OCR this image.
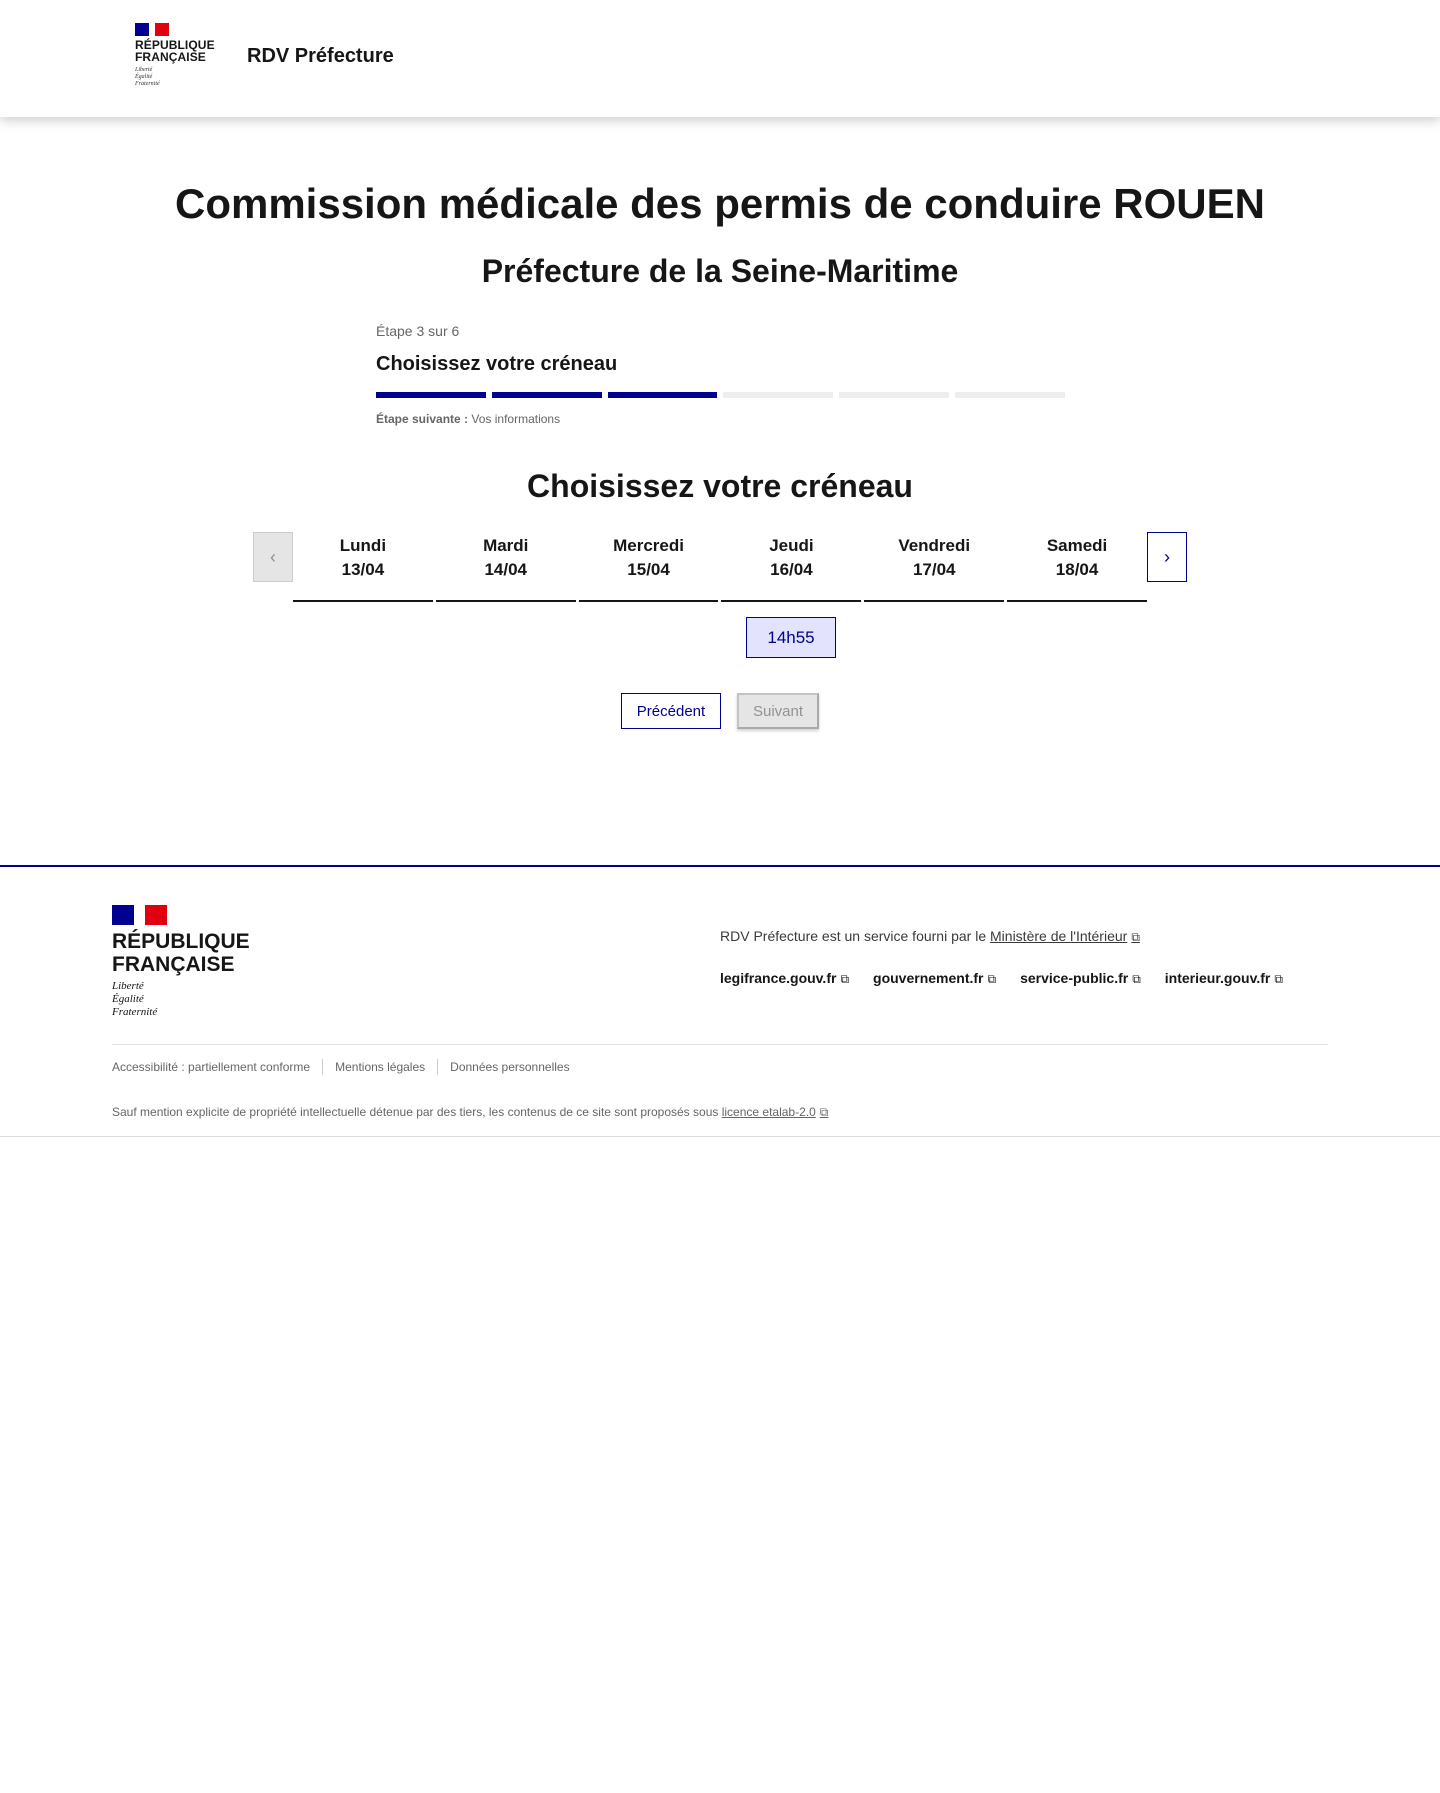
RÉPUBLIQUE
FRANÇAISE
Liberté
Égalité
Fraternité
RDV Préfecture
Commission médicale des permis de conduire ROUEN
Préfecture de la Seine-Maritime
Étape 3 sur 6
Choisissez votre créneau
Étape suivante : Vos informations
Choisissez votre créneau
‹
Lundi
13/04
Mardi
14/04
Mercredi
15/04
Jeudi
16/04
Vendredi
17/04
Samedi
18/04
›
14h55
Précédent	Suivant
RÉPUBLIQUE
FRANÇAISE
Liberté
Égalité
Fraternité
RDV Préfecture est un service fourni par le Ministère de l'Intérieur ⧉
legifrance.gouv.fr ⧉ gouvernement.fr ⧉ service-public.fr ⧉ interieur.gouv.fr ⧉
Accessibilité : partiellement conforme Mentions légales Données personnelles
Sauf mention explicite de propriété intellectuelle détenue par des tiers, les contenus de ce site sont proposés sous licence etalab-2.0 ⧉
